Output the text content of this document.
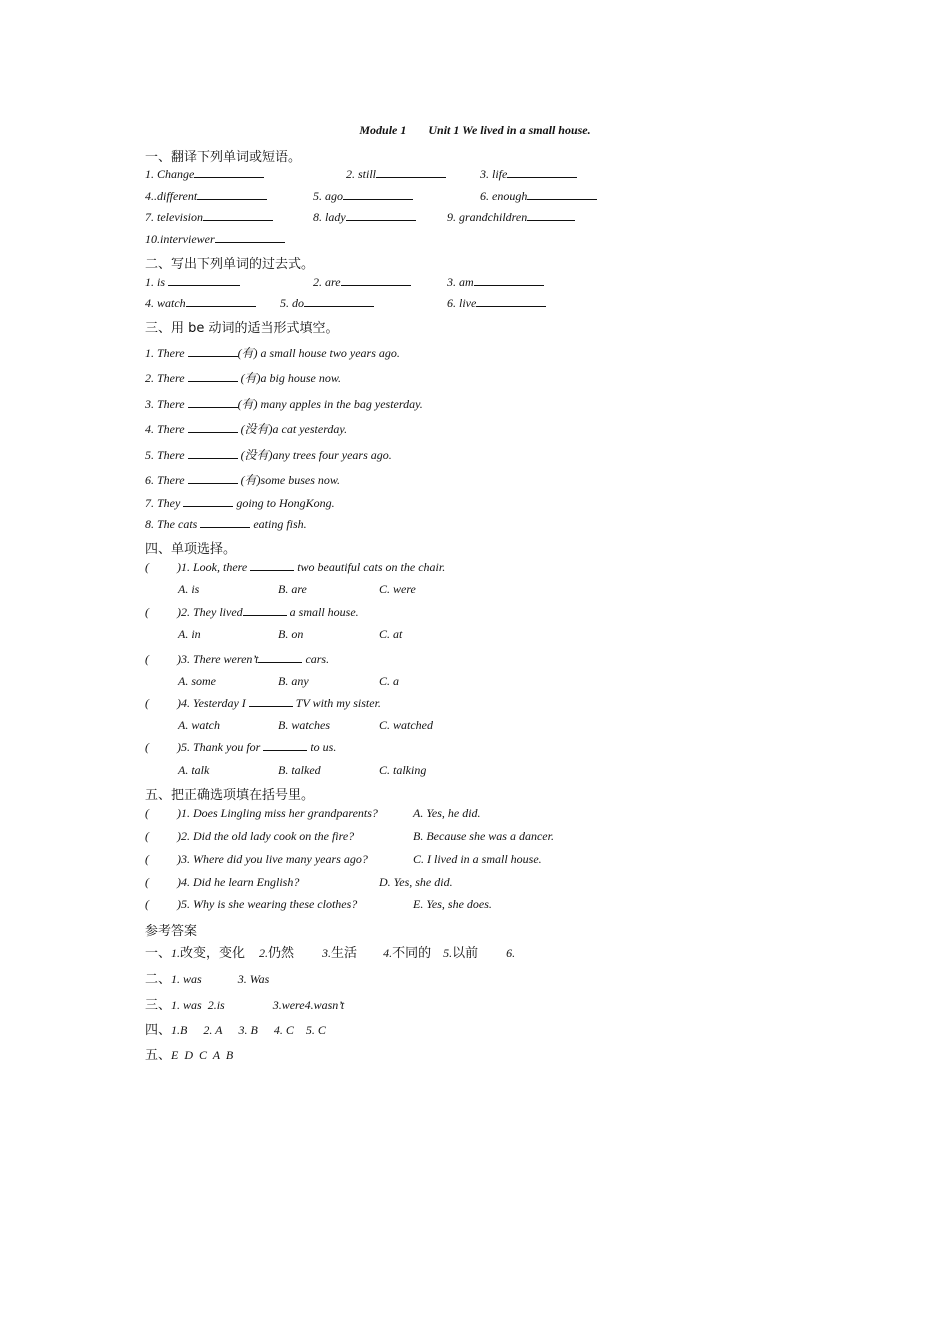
Module 1 Unit 1 We lived in a small house.
一、翻译下列单词或短语。
1. Change	2. still	3. life
4..different	5. ago	6. enough
7. television	8. lady	9. grandchildren
10.interviewer
二、写出下列单词的过去式。
1. is	2. are	3. am
4. watch	5. do	6. live
三、用 be 动词的适当形式填空。
1. There	(有) a small house two years ago.
2. There	(有)a big house now.
3. There	(有) many apples in the bag yesterday.
4. There	(没有)a cat yesterday.
5. There	(没有)any trees four years ago.
6. There	(有)some buses now.
7. They	going to HongKong.
8. The cats	eating fish.
四、单项选择。
( )1. Look, there	two beautiful cats on the chair.
A. is	B. are	C. were
( )2. They lived	a small house.
A. in	B. on	C. at
( )3. There weren’t	cars.
A. some	B. any	C. a
( )4. Yesterday I	TV with my sister.
A. watch	B. watches	C. watched
( )5. Thank you for	to us.
A. talk	B. talked	C. talking
五、把正确选项填在括号里。
( )1. Does Lingling miss her grandparents?	A. Yes, he did.
( )2. Did the old lady cook on the fire?	B. Because she was a dancer.
( )3. Where did you live many years ago?	C. I lived in a small house.
( )4. Did he learn English?	D. Yes, she did.
( )5. Why is she wearing these clothes?	E. Yes, she does.
参考答案
一、1.改变，变化 2.仍然 3.生活 4.不同的 5.以前 6.
二、1. was	3. Was
三、1. was  2.is	3.were4.wasn’t
四、1.B 2. A 3. B 4. C 5. C
五、E  D  C  A  B
